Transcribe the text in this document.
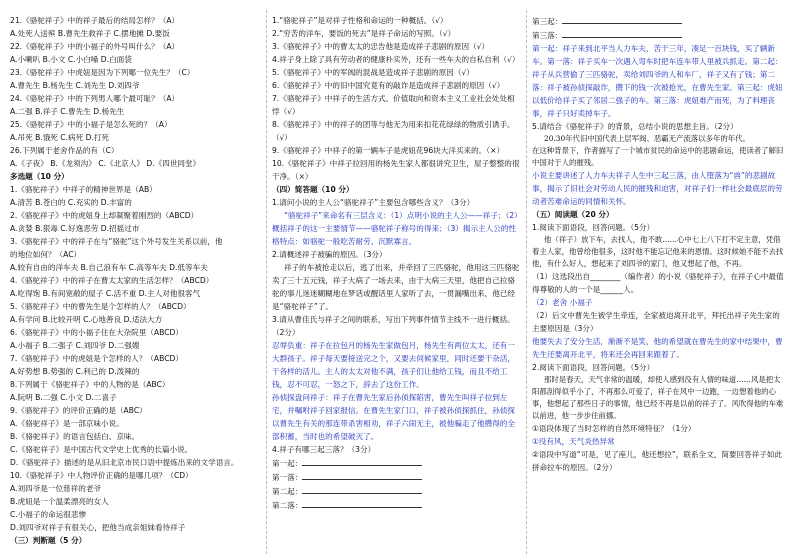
21.《骆驼祥子》中的祥子最后的结局怎样？（A）
A.处死人送殡 B.曹先生救祥子 C.摆地摊 D.要饭
22.《骆驼祥子》中的小福子的外号叫什么？（A）
A.小喇叭 B.小文 C.小白嗓 D.白面袋
23.《骆驼祥子》中虎妞是因为下列哪一位先生？（C）
A.曹先生 B.杨先生 C.刘先生 D.刘四爷
24.《骆驼祥子》中的下列男人哪个最可耻？（A）
A.二强 B.祥子 C.曹先生 D.杨先生
25.《骆驼祥子》中的小福子是怎么死的？（A）
A.吊死 B.饿死 C.病死 D.打死
26.下列属于老舍作品的有（C）
A.《子夜》 B.《龙须沟》 C.《北京人》 D.《四世同堂》
多选题（10 分）
1.《骆驼祥子》中祥子的精神世界是（AB）
A.清苦 B.苍白的 C.充实的 D.丰富的
2.《骆驼祥子》中的虎妞身上却凝聚着刚烈的（ABCD）
A.贪婪 B.狠毒 C.好逸恶劳 D.招摇过市
3.《骆驼祥子》中的祥子在与“骆驼”这个外号发生关系以前，他
的地位如何？（AC）
A.较有自由的洋车夫 B.自己浪有车 C.高等车夫 D.低等车夫
4.《骆驼祥子》中的祥子在曹太太家的生活怎样？（ABCD）
A.吃得饱 B.有间宽敞的屋子 C.活不重 D.主人对他很客气
5.《骆驼祥子》中的曹先生是个怎样的人？（ABCD）
A.有学问 B.比较开明 C.心地善良 D.适法大方
6.《骆驼祥子》中的小福子住在大杂院里（ABCD）
A.小福子 B.二强子 C.刘四爷 D.二强嫂
7.《骆驼祥子》中的虎妞是个怎样的人？（ABCD）
A.好势想 B.势强的 C.利己的 D.泼辣的
8.下列属于《骆驼祥子》中的人物的是（ABC）
A.阮明 B.二强 C.小文 D.二喜子
9.《骆驼祥子》的评价正确的是（ABC）
A.《骆驼祥子》是一部京味小说。
B.《骆驼祥子》的语言包括白、京味。
C.《骆驼祥子》是中国古代文学史上优秀的长篇小说。
D.《骆驼祥子》描述的是从旧北京市民口语中提炼出来的文学语言。
10.《骆驼祥子》中人物评价正确的是哪几项？（CD）
A.刘四爷是一位慈祥的老爷
B.虎妞是一个温柔漂亮的女人
C.小福子的命运很悲惨
D.刘四爷对祥子有很关心，把他当成亲姐妹看待祥子
（三）判断题（5 分）
1.“骆驼祥子”是对祥子性格和命运的一种概括。（√）
2.“穷苦的洋车，要饭的死去”是祥子命运的写照。（√）
3.《骆驼祥子》中的曹太太的忠告他是造成祥子悲剧的原因（√）
4.祥子身上除了具有劳动者的健康朴实外，还有一些车夫的自私自利（√）
5.《骆驼祥子》中的军阀的混战是造成祥子悲剧的原因（√）
6.《骆驼祥子》中的旧中国究竟有的敲诈是造成祥子悲剧的原因（√）
7.《骆驼祥子》中祥子的生活方式、价值取向和资本主义工业社会处处相悖（√）
8.《骆驼祥子》中的祥子的团等与他无为用来扣花花绿绿的物质引诱手。（√）
9.《骆驼祥子》中祥子的第一辆车子是虎妞花96块大洋买来的。（×）
10.《骆驼祥子》中祥子拉回用的杨先生家人都很讲究卫生，屋子整整的很干净。（×）
（四）简答题（10 分）
1.请问小说的主人公“骆驼祥子”主要包含哪些含义？（3分）
“骆驼祥子”来命名有三层含义：（1）点明小说的主人公——祥子；（2）概括祥子的这一主要情节——骆驼祥子称号的得来；（3）揭示主人公的性格特点：如骆驼一般吃苦耐劳、沉默寡言。
2.请概述祥子被骗的原因。（3分）
祥子的车被抢走以后，逃了出来，并牵回了三匹骆驼，他用这三匹骆驼卖了三十五元钱，祥子大病了一场去来，由于大病三天里，他把自己拉骆驼的事儿迷迷糊糊地在梦话或醒话里人家听了去，一贯漏嘴出来，他已经是“骆驼祥子”了。
3.请从曹佳氏与祥子之间的联系，写出下列事件情节主线不一进行概括。（2分）
忍辱负重：祥子在拉包月的杨先生家做包月，杨先生有两位太太，还有一大群孩子。祥子每天要接送完之个，又要去伺候家里，同时还要干杂活，干各样的活儿。主人的太太对他不满，孩子们让他给工钱，而且不给工钱，忍不可忍，一怒之下，辞去了这份工作。
孙侦探盘问祥子：祥子在曹先生家后孙侦探陷害，曹先生叫祥子拉到左宅，并嘱咐祥子回家报信。在曹先生家门口，祥子被孙侦探抓住，孙侦探以曹先生有关的那连带杀害相劝，祥子六闹无主，被他骗走了他攒得的全部积蓄，当时也的希望破灭了。
4.祥子有哪三起三落？（3分）
第一起：
第一落：
第二起：
第二落：
第三起：
第三落：
第一起：祥子来到北平当人力车夫，苦干三年，凑足一百块钱，买了辆新车。第一落：祥子买车一次遇入弯车时把车连车带人里被兵抓走。第二起：祥子从兵营偷了三匹骆驼，卖给刘四爷的人和车厂，祥子又有了钱；第二落：祥子被孙侦探敲诈，攒下的钱一次被抢光，在曹先生家。第三起：虎妞以低价给祥子买了邻居二强子的车。第三落：虎妞难产而死，为了料理丧事，祥子只好卖掉车子。
5.请结合《骆驼祥子》的背景，总结小说的思想主旨。（2分）
20.30年代旧中国代表上层军阀、恶霸无产流落以多年的年代。
在这种背景下，作者描写了一个城市贫民的命运中的悲剧命运，使读者了解旧中国对于人的摧残。
小说主要讲述了人力车夫祥子人生中三起三落，由人堕落为“兽”的悲剧故事，揭示了旧社会对劳动人民的摧残和迫害，对祥子们一样社会最底层的劳动者苦难命运的同情和关怀。
（五）阅读题（20 分）
1.阅读下面语段，回答问题。（5分）
他（祥子）放下车，去找人，他不敢……心中七上八下打不定主意，凭借着主人家，他曾给他很多，这时他不能忘记他来的恩情。这时候她不能不去找他，有什么好人，想起来了刘四爷的家门，他又想起了他，不再。
（1）这选段出自________（编作者）的小说《骆驼祥子》，在祥子心中最值得尊敬的人的一个是______人。
（2）老舍 小福子
（2）后文中曹先生被学生牵连，全家被迫离开北平，拜托出祥子先生家的主要原因是（3分）
他要失去了安分生活，渐渐不是笑，他的希望就在曹先生的家中结果中，曹先生还要离开北平，将来还会再回来跟着了。
2.阅读下面语段，回答问题。（5分）
那时是春天，天气非常的温暖，却使人感到没有人情的味道……风是把太阳都刮得似乎小了，不再那么可爱了，祥子在风中一边跑，一边想着他的心事，他想起了那些日子的事情，他已经不再是以前的祥子了。风吹得他的车难以前进，他一步步往前挪。
①语段体现了当时怎样的自然环境特征？（1分）
①没有风，天气炎热异常
②语段中写道“可是，见了座儿，他还想拉”，联系全文，简要回答祥子如此拼命拉车的原因。（2分）
